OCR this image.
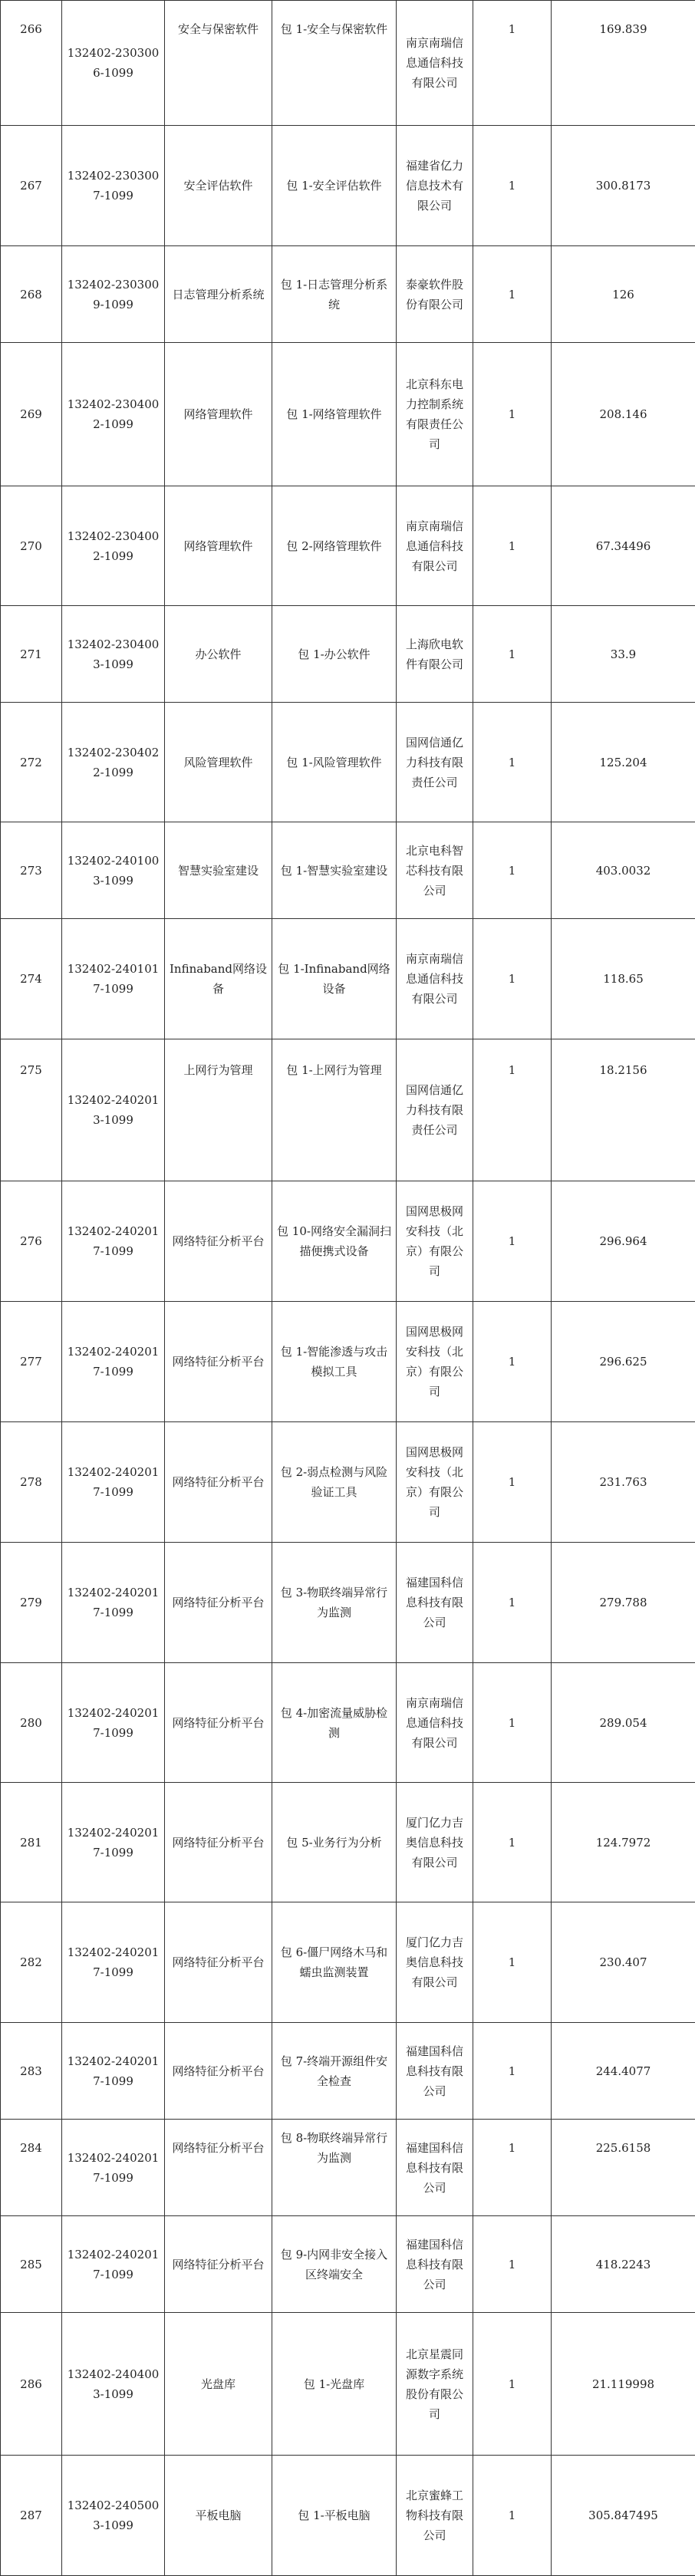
266	132402-2303006-1099	安全与保密软件	包 1-安全与保密软件	南京南瑞信息通信科技有限公司	1	169.839

267	132402-2303007-1099	安全评估软件	包 1-安全评估软件	福建省亿力信息技术有限公司	1	300.8173
268	132402-2303009-1099	日志管理分析系统	包 1-日志管理分析系统	泰豪软件股份有限公司	1	126
269	132402-2304002-1099	网络管理软件	包 1-网络管理软件	北京科东电力控制系统有限责任公司	1	208.146
270	132402-2304002-1099	网络管理软件	包 2-网络管理软件	南京南瑞信息通信科技有限公司	1	67.34496
271	132402-2304003-1099	办公软件	包 1-办公软件	上海欣电软件有限公司	1	33.9
272	132402-2304022-1099	风险管理软件	包 1-风险管理软件	国网信通亿力科技有限责任公司	1	125.204
273	132402-2401003-1099	智慧实验室建设	包 1-智慧实验室建设	北京电科智芯科技有限公司	1	403.0032
274	132402-2401017-1099	Infinaband网络设备	包 1-Infinaband网络设备	南京南瑞信息通信科技有限公司	1	118.65
275	132402-2402013-1099	上网行为管理	包 1-上网行为管理	国网信通亿力科技有限责任公司	1	18.2156

276	132402-2402017-1099	网络特征分析平台	包 10-网络安全漏洞扫描便携式设备	国网思极网安科技（北京）有限公司	1	296.964
277	132402-2402017-1099	网络特征分析平台	包 1-智能渗透与攻击模拟工具	国网思极网安科技（北京）有限公司	1	296.625
278	132402-2402017-1099	网络特征分析平台	包 2-弱点检测与风险验证工具	国网思极网安科技（北京）有限公司	1	231.763
279	132402-2402017-1099	网络特征分析平台	包 3-物联终端异常行为监测	福建国科信息科技有限公司	1	279.788
280	132402-2402017-1099	网络特征分析平台	包 4-加密流量威胁检测	南京南瑞信息通信科技有限公司	1	289.054
281	132402-2402017-1099	网络特征分析平台	包 5-业务行为分析	厦门亿力吉奥信息科技有限公司	1	124.7972
282	132402-2402017-1099	网络特征分析平台	包 6-僵尸网络木马和蠕虫监测装置	厦门亿力吉奥信息科技有限公司	1	230.407
283	132402-2402017-1099	网络特征分析平台	包 7-终端开源组件安全检查	福建国科信息科技有限公司	1	244.4077
284	132402-2402017-1099	网络特征分析平台	包 8-物联终端异常行为监测	福建国科信息科技有限公司	1	225.6158

285	132402-2402017-1099	网络特征分析平台	包 9-内网非安全接入区终端安全	福建国科信息科技有限公司	1	418.2243
286	132402-2404003-1099	光盘库	包 1-光盘库	北京星震同源数字系统股份有限公司	1	21.119998
287	132402-2405003-1099	平板电脑	包 1-平板电脑	北京蜜蜂工物科技有限公司	1	305.847495
